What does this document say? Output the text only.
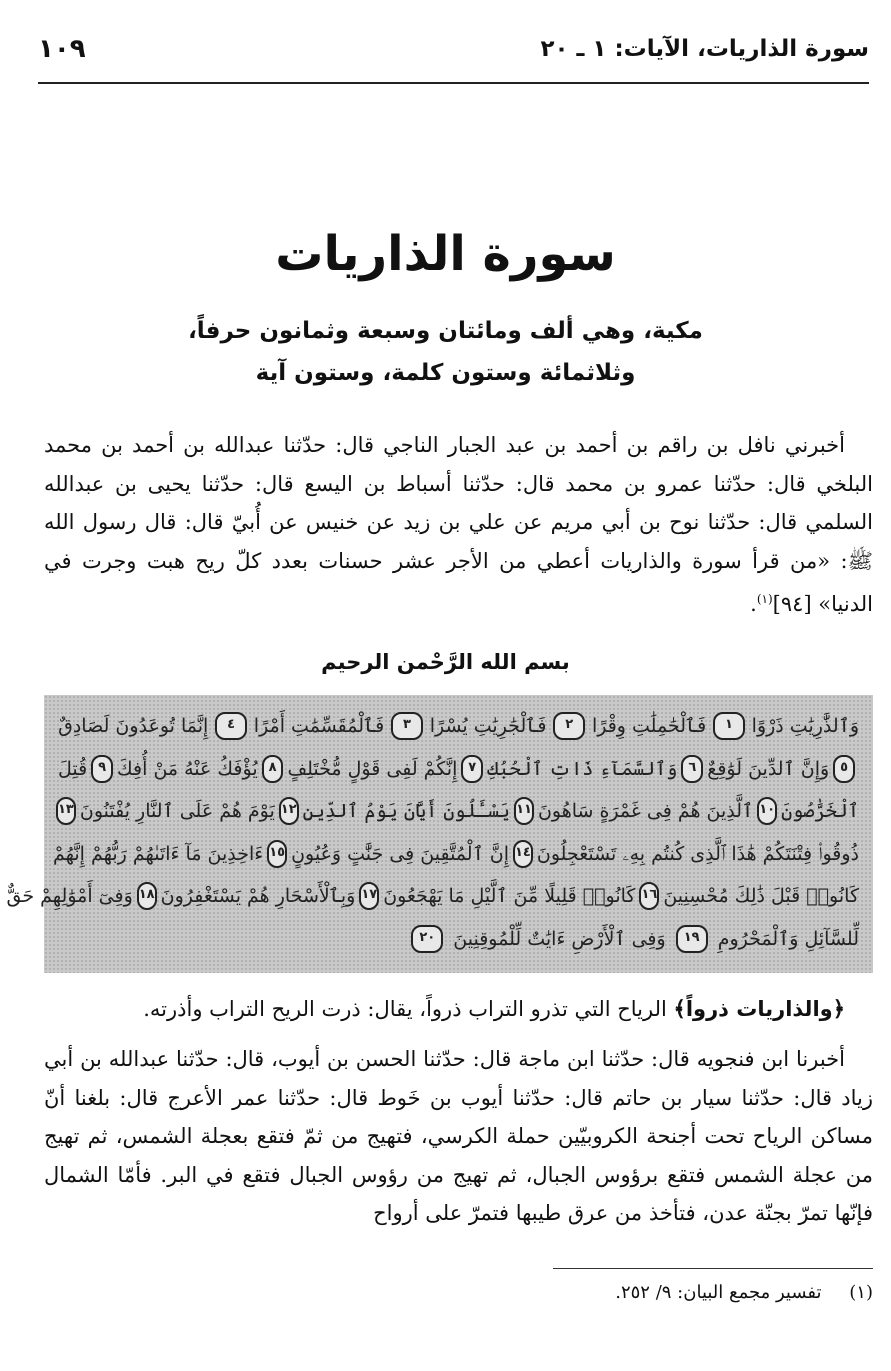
سورة الذاريات، الآيات: ١ ـ ٢٠
١٠٩
سورة الذاريات
مكية، وهي ألف ومائتان وسبعة وثمانون حرفاً،
وثلاثمائة وستون كلمة، وستون آية

أخبرني نافل بن راقم بن أحمد بن عبد الجبار الناجي قال: حدّثنا عبدالله بن أحمد بن محمد البلخي قال: حدّثنا عمرو بن محمد قال: حدّثنا أسباط بن اليسع قال: حدّثنا يحيى بن عبدالله السلمي قال: حدّثنا نوح بن أبي مريم عن علي بن زيد عن خنيس عن أُبيّ قال: قال رسول الله ﷺ: «من قرأ سورة والذاريات أعطي من الأجر عشر حسنات بعدد كلّ ريح هبت وجرت في الدنيا» [٩٤]$^{(١)}$.

بسم الله الرَّحْمن الرحيم
وَٱلذَّٰرِيَٰتِ ذَرْوًا
١
فَٱلْحَٰمِلَٰتِ وِقْرًا
٢
فَٱلْجَٰرِيَٰتِ يُسْرًا
٣
فَٱلْمُقَسِّمَٰتِ أَمْرًا
٤
إِنَّمَا تُوعَدُونَ لَصَادِقٌ
٥
وَإِنَّ ٱلدِّينَ لَوَٰقِعٌ
٦
وَٱلسَّمَآءِ ذَاتِ ٱلْحُبُكِ
٧
إِنَّكُمْ لَفِى قَوْلٍ مُّخْتَلِفٍ
٨
يُؤْفَكُ عَنْهُ مَنْ أُفِكَ
٩
قُتِلَ
ٱلْخَرَّٰصُونَ
١٠
ٱلَّذِينَ هُمْ فِى غَمْرَةٍ سَاهُونَ
١١
يَسْـَٔلُونَ أَيَّانَ يَوْمُ ٱلدِّينِ
١٢
يَوْمَ هُمْ عَلَى ٱلنَّارِ يُفْتَنُونَ
١٣
ذُوقُوا۟ فِتْنَتَكُمْ هَٰذَا ٱلَّذِى كُنتُم بِهِۦ تَسْتَعْجِلُونَ
١٤
إِنَّ ٱلْمُتَّقِينَ فِى جَنَّٰتٍ وَعُيُونٍ
١٥
ءَاخِذِينَ مَآ ءَاتَىٰهُمْ رَبُّهُمْ إِنَّهُمْ
كَانُوا۟ قَبْلَ ذَٰلِكَ مُحْسِنِينَ
١٦
كَانُوا۟ قَلِيلًا مِّنَ ٱلَّيْلِ مَا يَهْجَعُونَ
١٧
وَبِٱلْأَسْحَارِ هُمْ يَسْتَغْفِرُونَ
١٨
وَفِىٓ أَمْوَٰلِهِمْ حَقٌّ
لِّلسَّآئِلِ وَٱلْمَحْرُومِ
١٩
وَفِى ٱلْأَرْضِ ءَايَٰتٌ لِّلْمُوقِنِينَ
٢٠

﴿والذاريات ذرواً﴾ الرياح التي تذرو التراب ذرواً، يقال: ذرت الريح التراب وأذرته.

أخبرنا ابن فنجويه قال: حدّثنا ابن ماجة قال: حدّثنا الحسن بن أيوب، قال: حدّثنا عبدالله بن أبي زياد قال: حدّثنا سيار بن حاتم قال: حدّثنا أيوب بن خَوط قال: حدّثنا عمر الأعرج قال: بلغنا أنّ مساكن الرياح تحت أجنحة الكروبيّين حملة الكرسي، فتهيج من ثمّ فتقع بعجلة الشمس، ثم تهيج من عجلة الشمس فتقع برؤوس الجبال، ثم تهيج من رؤوس الجبال فتقع في البر. فأمّا الشمال فإنّها تمرّ بجنّة عدن، فتأخذ من عرق طيبها فتمرّ على أرواح

(١) تفسير مجمع البيان: ٩/ ٢٥٢.
